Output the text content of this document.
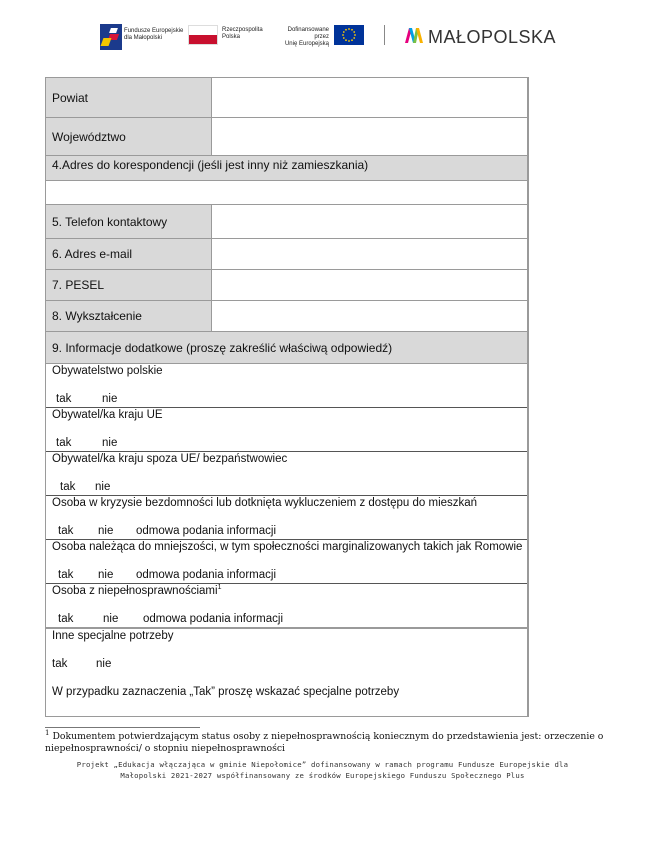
Fundusze Europejskie
dla Małopolski
Rzeczpospolita
Polska
Dofinansowane przez
Unię Europejską	MAŁOPOLSKA
Powiat
Województwo
4.Adres do korespondencji (jeśli jest inny niż zamieszkania)
5. Telefon kontaktowy
6. Adres e-mail
7. PESEL
8. Wykształcenie
9. Informacje dodatkowe (proszę zakreślić właściwą odpowiedź)
Obywatelstwo polskie
tak	nie
Obywatel/ka kraju UE
tak	nie
Obywatel/ka kraju spoza UE/ bezpaństwowiec
tak nie
Osoba w kryzysie bezdomności lub dotknięta wykluczeniem z dostępu do mieszkań
tak nie odmowa podania informacji
Osoba należąca do mniejszości, w tym społeczności marginalizowanych takich jak Romowie
tak nie odmowa podania informacji
Osoba z niepełnosprawnościami$^1$
tak	nie odmowa podania informacji
Inne specjalne potrzeby
tak nie
W przypadku zaznaczenia „Tak” proszę wskazać specjalne potrzeby
$^1$ Dokumentem potwierdzającym status osoby z niepełnosprawnością koniecznym do przedstawienia jest: orzeczenie o niepełnosprawności/ o stopniu niepełnosprawności
Projekt „Edukacja włączająca w gminie Niepołomice” dofinansowany w ramach programu Fundusze Europejskie dla
Małopolski 2021-2027 współfinansowany ze środków Europejskiego Funduszu Społecznego Plus
